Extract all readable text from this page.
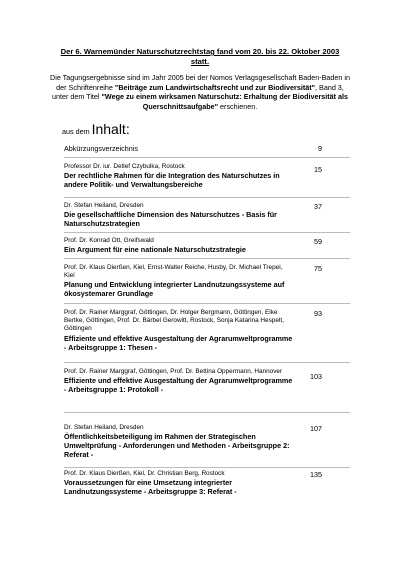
Der 6. Warnemünder Naturschutzrechtstag fand vom 20. bis 22. Oktober 2003
statt.
Die Tagungsergebnisse sind im Jahr 2005 bei der Nomos Verlagsgesellschaft Baden-Baden in der Schriftenreihe "Beiträge zum Landwirtschaftsrecht und zur Biodiversität", Band 3, unter dem Titel "Wege zu einem wirksamen Naturschutz: Erhaltung der Biodiversität als Querschnittsaufgabe" erschienen.
aus dem Inhalt:
Abkürzungsverzeichnis	9
Professor Dr. iur. Detlef Czybulka, Rostock
Der rechtliche Rahmen für die Integration des Naturschutzes in andere Politik- und Verwaltungsbereiche
15
Dr. Stefan Heiland, Dresden
Die gesellschaftliche Dimension des Naturschutzes - Basis für Naturschutzstrategien
37
Prof. Dr. Konrad Ott, Greifswald
Ein Argument für eine nationale Naturschutzstrategie
59
Prof. Dr. Klaus Dierßen, Kiel, Ernst-Walter Reiche, Husby, Dr. Michael Trepel, Kiel
Planung und Entwicklung integrierter Landnutzungssysteme auf ökosystemarer Grundlage
75
Prof. Dr. Rainer Marggraf, Göttingen, Dr. Holger Bergmann, Göttingen, Elke Bertke, Göttingen, Prof. Dr. Bärbel Gerowitt, Rostock, Sonja Katarina Hespelt, Göttingen
Effiziente und effektive Ausgestaltung der Agrarumweltprogramme - Arbeitsgruppe 1: Thesen -
93
Prof. Dr. Rainer Marggraf, Göttingen, Prof. Dr. Bettina Oppermann, Hannover
Effiziente und effektive Ausgestaltung der Agrarumweltprogramme - Arbeitsgruppe 1: Protokoll -
103
Dr. Stefan Heiland, Dresden
Öffentlichkeitsbeteiligung im Rahmen der Strategischen Umweltprüfung - Anforderungen und Methoden - Arbeitsgruppe 2: Referat -
107
Prof. Dr. Klaus Dierßen, Kiel, Dr. Christian Berg, Rostock
Voraussetzungen für eine Umsetzung integrierter Landnutzungssysteme - Arbeitsgruppe 3: Referat -
135
